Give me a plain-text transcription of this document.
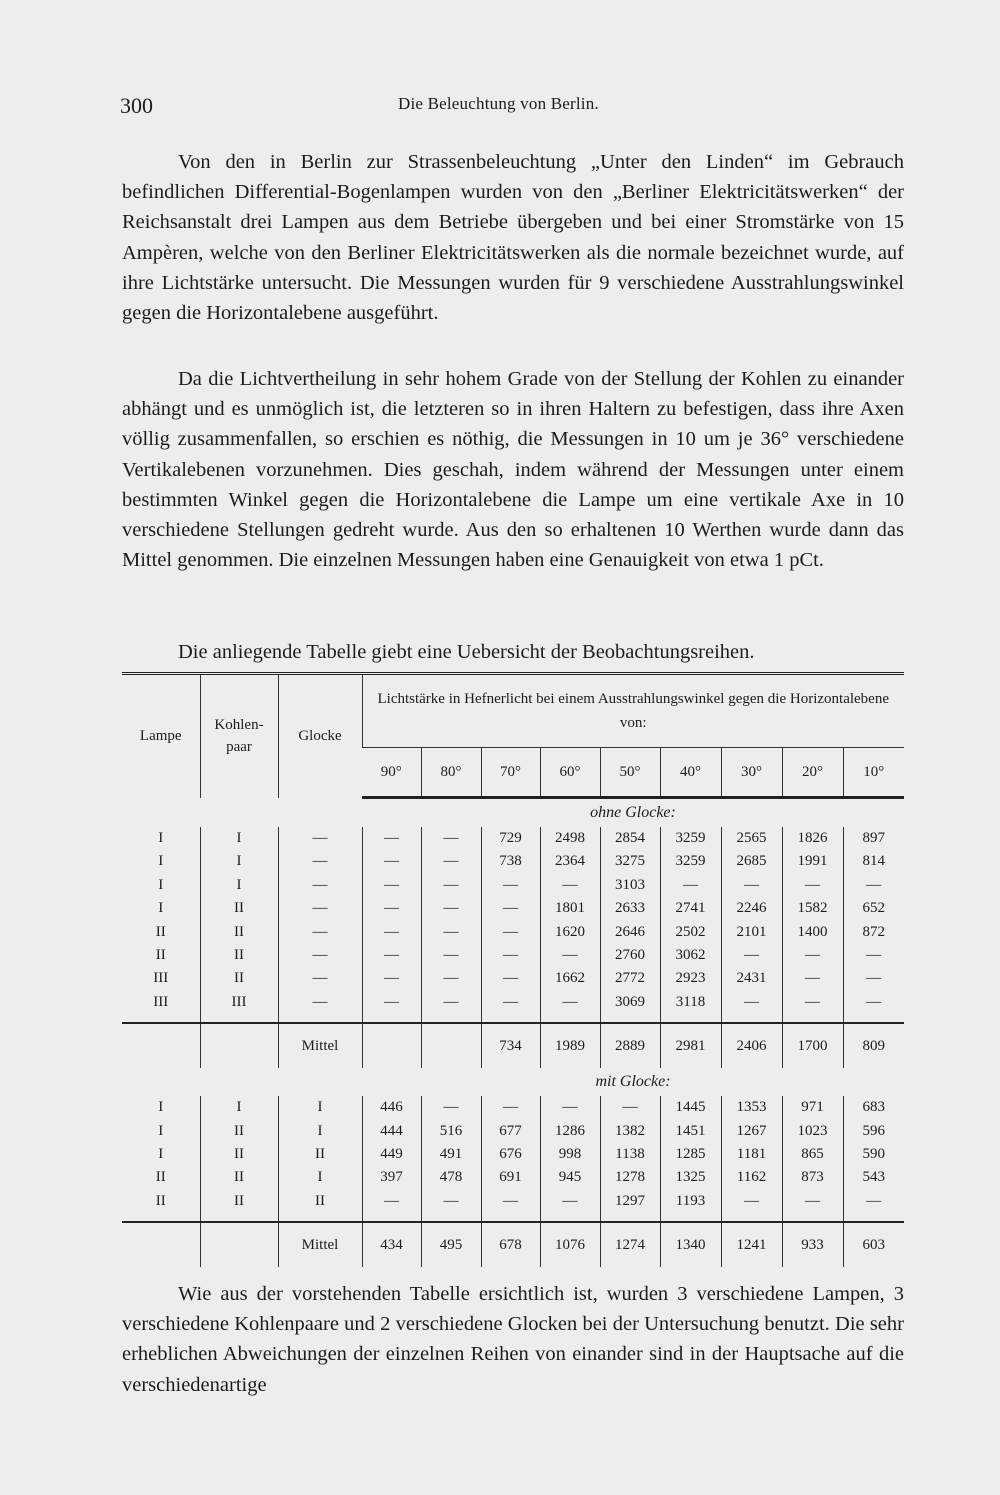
300	Die Beleuchtung von Berlin.

Von den in Berlin zur Strassenbeleuchtung „Unter den Linden“ im Gebrauch befindlichen Differential-Bogenlampen wurden von den „Berliner Elektricitätswerken“ der Reichsanstalt drei Lampen aus dem Betriebe übergeben und bei einer Stromstärke von 15 Ampèren, welche von den Berliner Elektricitätswerken als die normale bezeichnet wurde, auf ihre Lichtstärke untersucht. Die Messungen wurden für 9 verschiedene Ausstrahlungswinkel gegen die Horizontalebene ausgeführt.

Da die Lichtvertheilung in sehr hohem Grade von der Stellung der Kohlen zu einander abhängt und es unmöglich ist, die letzteren so in ihren Haltern zu befestigen, dass ihre Axen völlig zusammenfallen, so erschien es nöthig, die Messungen in 10 um je 36° verschiedene Vertikalebenen vorzunehmen. Dies geschah, indem während der Messungen unter einem bestimmten Winkel gegen die Horizontalebene die Lampe um eine vertikale Axe in 10 verschiedene Stellungen gedreht wurde. Aus den so erhaltenen 10 Werthen wurde dann das Mittel genommen. Die einzelnen Messungen haben eine Genauigkeit von etwa 1 pCt.

Die anliegende Tabelle giebt eine Uebersicht der Beobachtungsreihen.

Lampe	Kohlen-paar	Glocke	Lichtstärke in Hefnerlicht bei einem Ausstrahlungswinkel gegen die Horizontalebene von:								
			90°	80°	70°	60°	50°	40°	30°	20°	10°
			ohne Glocke:								
I	I	—	—	—	729	2498	2854	3259	2565	1826	897
I	I	—	—	—	738	2364	3275	3259	2685	1991	814
I	I	—	—	—	—	—	3103	—	—	—	—
I	II	—	—	—	—	1801	2633	2741	2246	1582	652
II	II	—	—	—	—	1620	2646	2502	2101	1400	872
II	II	—	—	—	—	—	2760	3062	—	—	—
III	II	—	—	—	—	1662	2772	2923	2431	—	—
III	III	—	—	—	—	—	3069	3118	—	—	—

		Mittel			734	1989	2889	2981	2406	1700	809
			mit Glocke:								
I	I	I	446	—	—	—	—	1445	1353	971	683
I	II	I	444	516	677	1286	1382	1451	1267	1023	596
I	II	II	449	491	676	998	1138	1285	1181	865	590
II	II	I	397	478	691	945	1278	1325	1162	873	543
II	II	II	—	—	—	—	1297	1193	—	—	—

		Mittel	434	495	678	1076	1274	1340	1241	933	603

Wie aus der vorstehenden Tabelle ersichtlich ist, wurden 3 verschiedene Lampen, 3 verschiedene Kohlenpaare und 2 verschiedene Glocken bei der Untersuchung benutzt. Die sehr erheblichen Abweichungen der einzelnen Reihen von einander sind in der Hauptsache auf die verschiedenartige
